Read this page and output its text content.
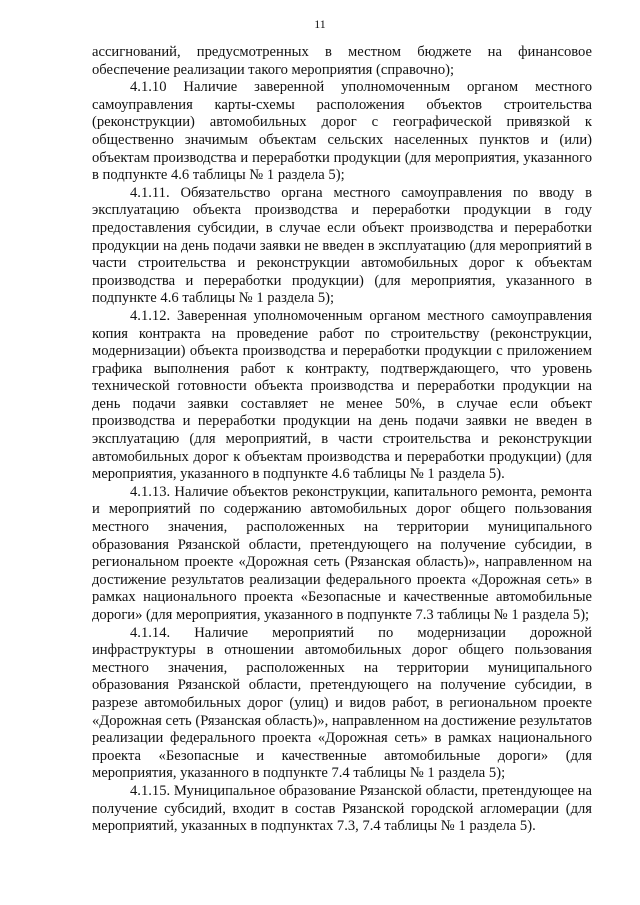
11

ассигнований, предусмотренных в местном бюджете на финансовое обеспечение реализации такого мероприятия (справочно);

4.1.10 Наличие заверенной уполномоченным органом местного самоуправления карты-схемы расположения объектов строительства (реконструкции) автомобильных дорог с географической привязкой к общественно значимым объектам сельских населенных пунктов и (или) объектам производства и переработки продукции (для мероприятия, указанного в подпункте 4.6 таблицы № 1 раздела 5);

4.1.11. Обязательство органа местного самоуправления по вводу в эксплуатацию объекта производства и переработки продукции в году предоставления субсидии, в случае если объект производства и переработки продукции на день подачи заявки не введен в эксплуатацию (для мероприятий в части строительства и реконструкции автомобильных дорог к объектам производства и переработки продукции) (для мероприятия, указанного в подпункте 4.6 таблицы № 1 раздела 5);

4.1.12. Заверенная уполномоченным органом местного самоуправления копия контракта на проведение работ по строительству (реконструкции, модернизации) объекта производства и переработки продукции с приложением графика выполнения работ к контракту, подтверждающего, что уровень технической готовности объекта производства и переработки продукции на день подачи заявки составляет не менее 50%, в случае если объект производства и переработки продукции на день подачи заявки не введен в эксплуатацию (для мероприятий, в части строительства и реконструкции автомобильных дорог к объектам производства и переработки продукции) (для мероприятия, указанного в подпункте 4.6 таблицы № 1 раздела 5).

4.1.13. Наличие объектов реконструкции, капитального ремонта, ремонта и мероприятий по содержанию автомобильных дорог общего пользования местного значения, расположенных на территории муниципального образования Рязанской области, претендующего на получение субсидии, в региональном проекте «Дорожная сеть (Рязанская область)», направленном на достижение результатов реализации федерального проекта «Дорожная сеть» в рамках национального проекта «Безопасные и качественные автомобильные дороги» (для мероприятия, указанного в подпункте 7.3 таблицы № 1 раздела 5);

4.1.14. Наличие мероприятий по модернизации дорожной инфраструктуры в отношении автомобильных дорог общего пользования местного значения, расположенных на территории муниципального образования Рязанской области, претендующего на получение субсидии, в разрезе автомобильных дорог (улиц) и видов работ, в региональном проекте «Дорожная сеть (Рязанская область)», направленном на достижение результатов реализации федерального проекта «Дорожная сеть» в рамках национального проекта «Безопасные и качественные автомобильные дороги» (для мероприятия, указанного в подпункте 7.4 таблицы № 1 раздела 5);

4.1.15. Муниципальное образование Рязанской области, претендующее на получение субсидий, входит в состав Рязанской городской агломерации (для мероприятий, указанных в подпунктах 7.3, 7.4 таблицы № 1 раздела 5).
